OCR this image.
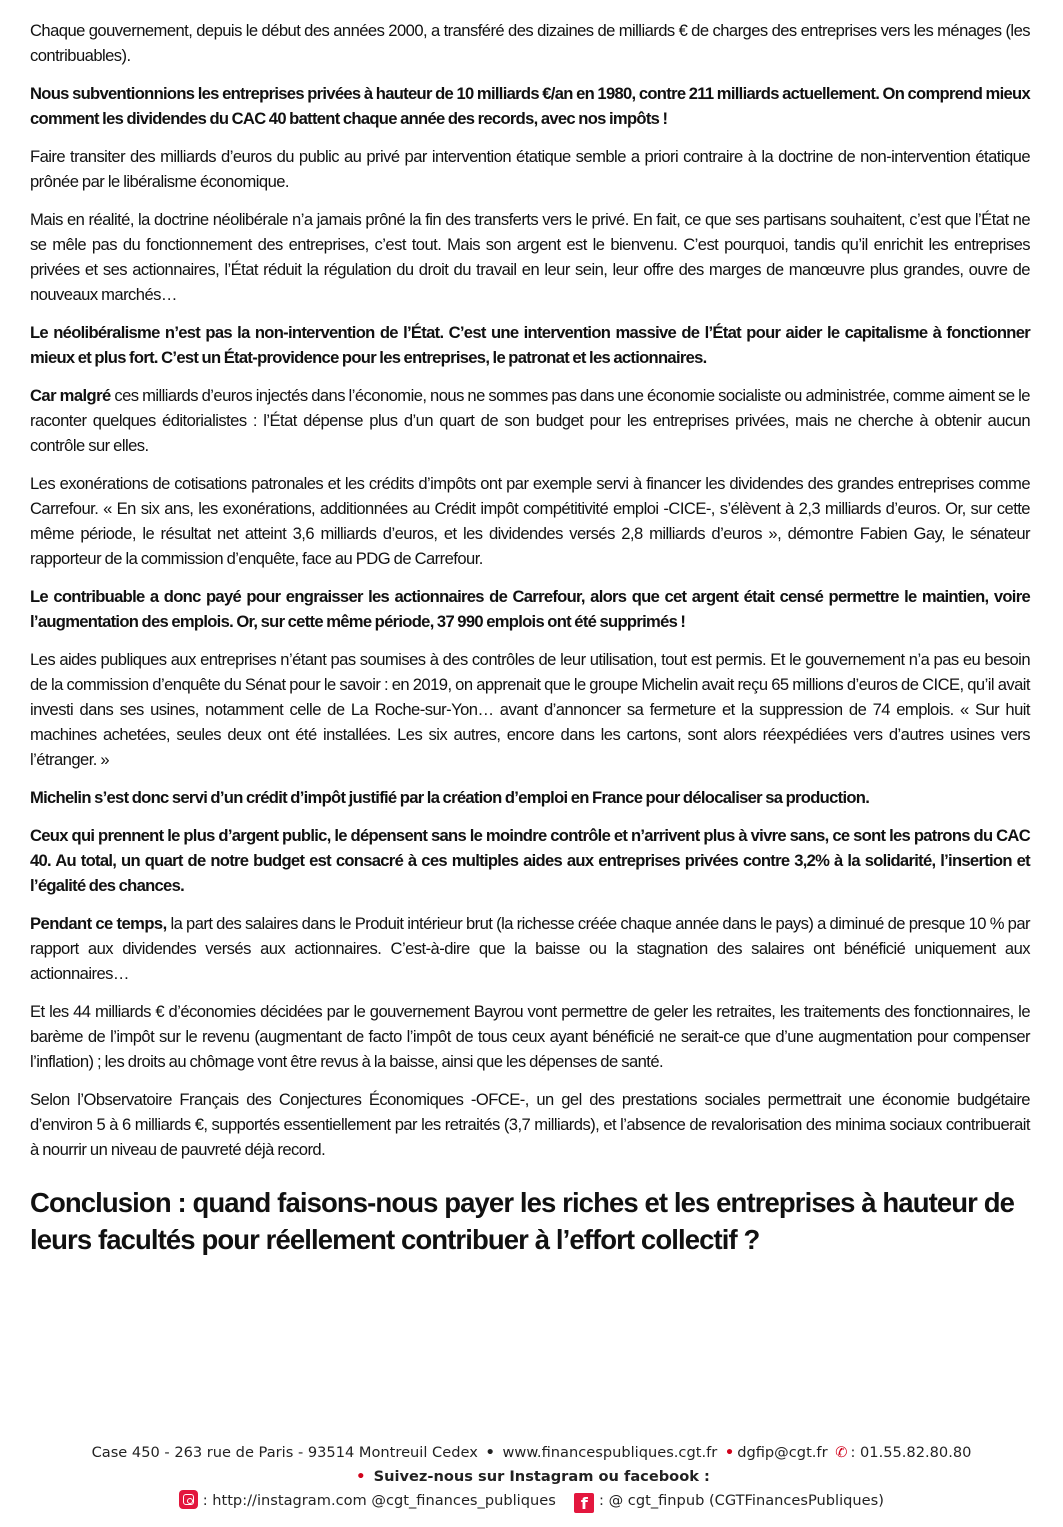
Chaque gouvernement, depuis le début des années 2000, a transféré des dizaines de milliards € de charges des entreprises vers les ménages (les contribuables).

Nous subventionnions les entreprises privées à hauteur de 10 milliards €/an en 1980, contre 211 milliards actuellement. On comprend mieux comment les dividendes du CAC 40 battent chaque année des records, avec nos impôts !

Faire transiter des milliards d’euros du public au privé par intervention étatique semble a priori contraire à la doctrine de non-intervention étatique prônée par le libéralisme économique.

Mais en réalité, la doctrine néolibérale n’a jamais prôné la fin des transferts vers le privé. En fait, ce que ses partisans souhaitent, c’est que l’État ne se mêle pas du fonctionnement des entreprises, c’est tout. Mais son argent est le bienvenu. C’est pourquoi, tandis qu’il enrichit les entreprises privées et ses actionnaires, l’État réduit la régulation du droit du travail en leur sein, leur offre des marges de manœuvre plus grandes, ouvre de nouveaux marchés…

Le néolibéralisme n’est pas la non-intervention de l’État. C’est une intervention massive de l’État pour aider le capitalisme à fonctionner mieux et plus fort. C’est un État-providence pour les entreprises, le patronat et les actionnaires.

Car malgré ces milliards d’euros injectés dans l’économie, nous ne sommes pas dans une économie socialiste ou administrée, comme aiment se le raconter quelques éditorialistes : l’État dépense plus d’un quart de son budget pour les entreprises privées, mais ne cherche à obtenir aucun contrôle sur elles.

Les exonérations de cotisations patronales et les crédits d’impôts ont par exemple servi à financer les dividendes des grandes entreprises comme Carrefour. « En six ans, les exonérations, additionnées au Crédit impôt compétitivité emploi -CICE-, s’élèvent à 2,3 milliards d’euros. Or, sur cette même période, le résultat net atteint 3,6 milliards d’euros, et les dividendes versés 2,8 milliards d’euros », démontre Fabien Gay, le sénateur rapporteur de la commission d’enquête, face au PDG de Carrefour.

Le contribuable a donc payé pour engraisser les actionnaires de Carrefour, alors que cet argent était censé permettre le maintien, voire l’augmentation des emplois. Or, sur cette même période, 37 990 emplois ont été supprimés !

Les aides publiques aux entreprises n’étant pas soumises à des contrôles de leur utilisation, tout est permis. Et le gouvernement n’a pas eu besoin de la commission d’enquête du Sénat pour le savoir : en 2019, on apprenait que le groupe Michelin avait reçu 65 millions d’euros de CICE, qu’il avait investi dans ses usines, notamment celle de La Roche-sur-Yon… avant d’annoncer sa fermeture et la suppression de 74 emplois. « Sur huit machines achetées, seules deux ont été installées. Les six autres, encore dans les cartons, sont alors réexpédiées vers d’autres usines vers l’étranger. »

Michelin s’est donc servi d’un crédit d’impôt justifié par la création d’emploi en France pour délocaliser sa production.

Ceux qui prennent le plus d’argent public, le dépensent sans le moindre contrôle et n’arrivent plus à vivre sans, ce sont les patrons du CAC 40. Au total, un quart de notre budget est consacré à ces multiples aides aux entreprises privées contre 3,2% à la solidarité, l’insertion et l’égalité des chances.

Pendant ce temps, la part des salaires dans le Produit intérieur brut (la richesse créée chaque année dans le pays) a diminué de presque 10 % par rapport aux dividendes versés aux actionnaires. C’est-à-dire que la baisse ou la stagnation des salaires ont bénéficié uniquement aux actionnaires…

Et les 44 milliards € d’économies décidées par le gouvernement Bayrou vont permettre de geler les retraites, les traitements des fonctionnaires, le barème de l’impôt sur le revenu (augmentant de facto l’impôt de tous ceux ayant bénéficié ne serait-ce que d’une augmentation pour compenser l’inflation) ; les droits au chômage vont être revus à la baisse, ainsi que les dépenses de santé.

Selon l’Observatoire Français des Conjectures Économiques -OFCE-, un gel des prestations sociales permettrait une économie budgétaire d’environ 5 à 6 milliards €, supportés essentiellement par les retraités (3,7 milliards), et l’absence de revalorisation des minima sociaux contribuerait à nourrir un niveau de pauvreté déjà record.

Conclusion : quand faisons-nous payer les riches et les entreprises à hauteur de leurs facultés pour réellement contribuer à l’effort collectif ?
Case 450 - 263 rue de Paris - 93514 Montreuil Cedex • www.financespubliques.cgt.fr • dgfip@cgt.fr ✆ : 01.55.82.80.80
• Suivez-nous sur Instagram ou facebook :
: http://instagram.com @cgt_finances_publiques f : @ cgt_finpub (CGTFinancesPubliques)
